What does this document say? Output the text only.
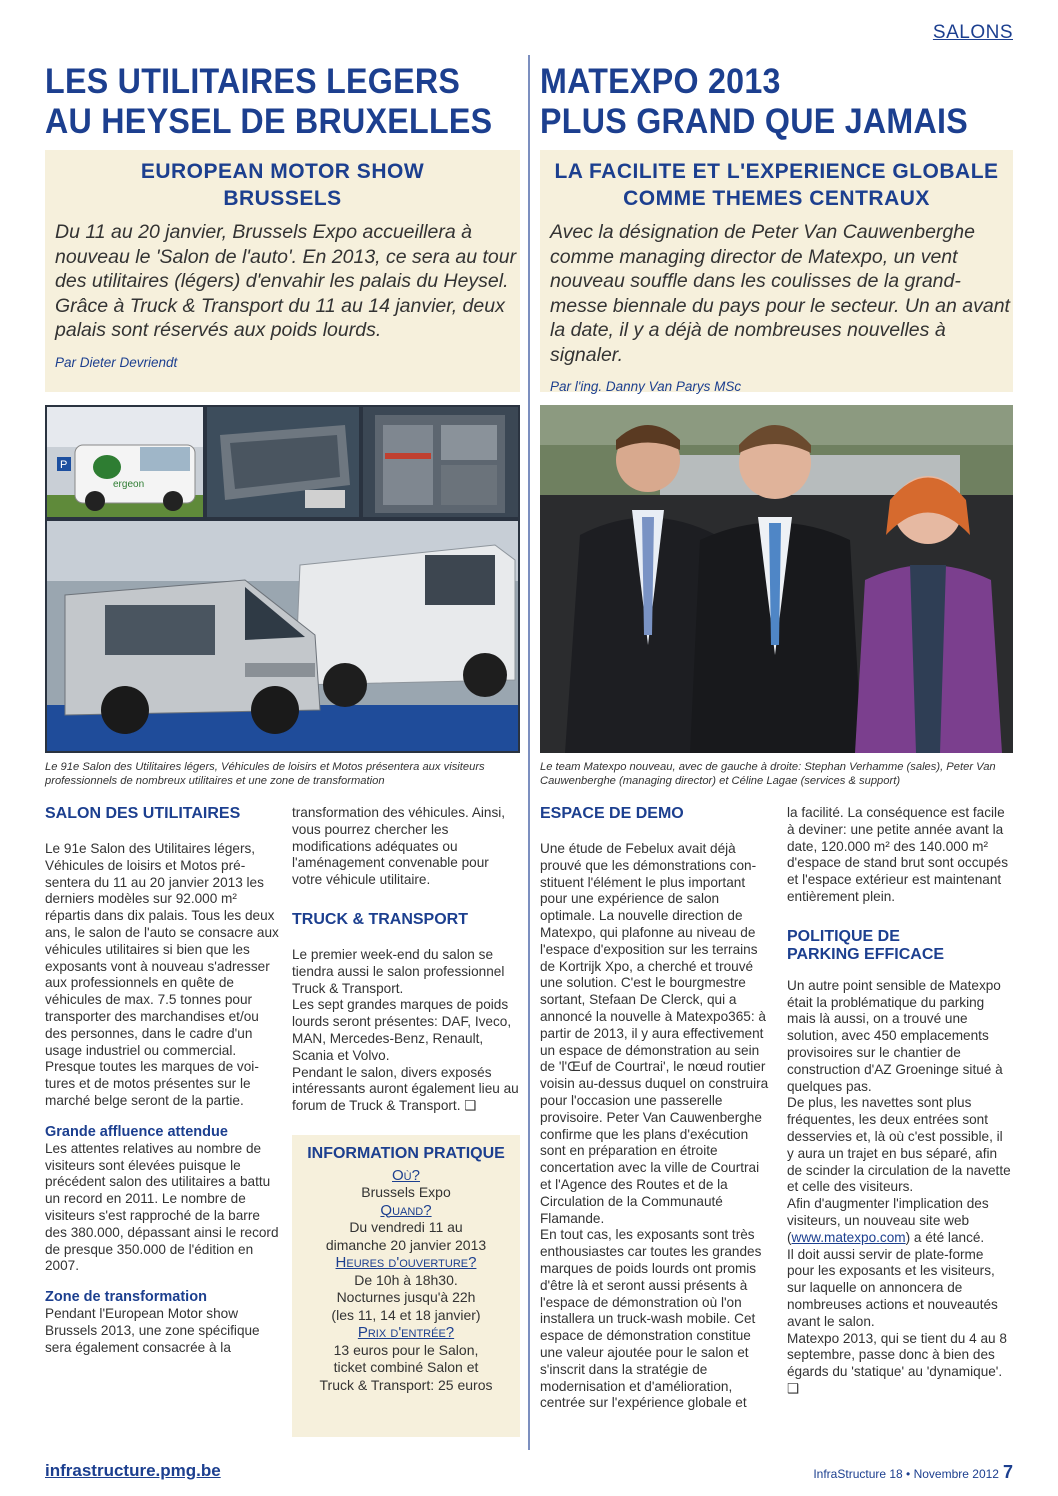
SALONS
LES UTILITAIRES LEGERS
AU HEYSEL DE BRUXELLES
MATEXPO 2013
PLUS GRAND QUE JAMAIS
EUROPEAN MOTOR SHOW
BRUSSELS
Du 11 au 20 janvier, Brussels Expo accueillera à nouveau le 'Salon de l'auto'. En 2013, ce sera au tour des utilitaires (légers) d'envahir les palais du Heysel. Grâce à Truck & Transport du 11 au 14 janvier, deux palais sont réservés aux poids lourds.
Par Dieter Devriendt
LA FACILITE ET L'EXPERIENCE GLOBALE
COMME THEMES CENTRAUX
Avec la désignation de Peter Van Cauwenberghe comme managing director de Matexpo, un vent nouveau souffle dans les coulisses de la grand-messe biennale du pays pour le secteur. Un an avant la date, il y a déjà de nombreuses nouvelles à signaler.
Par l'ing. Danny Van Parys MSc
ergeon
P
Le 91e Salon des Utilitaires légers, Véhicules de loisirs et Motos présentera aux visiteurs professionnels de nombreux utilitaires et une zone de transformation
Le team Matexpo nouveau, avec de gauche à droite: Stephan Verhamme (sales), Peter Van Cauwenberghe (managing director) et Céline Lagae (services & support)
SALON DES UTILITAIRES

Le 91e Salon des Utilitaires légers, Véhicules de loisirs et Motos présentera du 11 au 20 janvier 2013 les derniers modèles sur 92.000 m² répartis dans dix palais. Tous les deux ans, le salon de l'auto se consacre aux véhicules utilitaires si bien que les exposants vont à nouveau s'adresser aux professionnels en quête de véhicules de max. 7.5 tonnes pour transporter des marchandises et/ou des personnes, dans le cadre d'un usage industriel ou commercial. Presque toutes les marques de voitures et de motos présentes sur le marché belge seront de la partie.

Grande affluence attendue

Les attentes relatives au nombre de visiteurs sont élevées puisque le précédent salon des utilitaires a battu un record en 2011. Le nombre de visiteurs s'est rapproché de la barre des 380.000, dépassant ainsi le record de presque 350.000 de l'édition en 2007.

Zone de transformation

Pendant l'European Motor show Brussels 2013, une zone spécifique sera également consacrée à la

transformation des véhicules. Ainsi, vous pourrez chercher les modifications adéquates ou l'aménagement convenable pour votre véhicule utilitaire.

TRUCK & TRANSPORT

Le premier week-end du salon se tiendra aussi le salon professionnel Truck & Transport.

Les sept grandes marques de poids lourds seront présentes: DAF, Iveco, MAN, Mercedes-Benz, Renault, Scania et Volvo.

Pendant le salon, divers exposés intéressants auront également lieu au forum de Truck & Transport. ❑

INFORMATION PRATIQUE
Où?
Brussels Expo
Quand?
Du vendredi 11 au
dimanche 20 janvier 2013
Heures d'ouverture?
De 10h à 18h30.
Nocturnes jusqu'à 22h
(les 11, 14 et 18 janvier)
Prix d'entrée?
13 euros pour le Salon,
ticket combiné Salon et
Truck & Transport: 25 euros
ESPACE DE DEMO

Une étude de Febelux avait déjà prouvé que les démonstrations constituent l'élément le plus important pour une expérience de salon optimale. La nouvelle direction de Matexpo, qui plafonne au niveau de l'espace d'exposition sur les terrains de Kortrijk Xpo, a cherché et trouvé une solution. C'est le bourgmestre sortant, Stefaan De Clerck, qui a annoncé la nouvelle à Matexpo365: à partir de 2013, il y aura effectivement un espace de démonstration au sein de 'l'Œuf de Courtrai', le nœud routier voisin au-dessus duquel on construira pour l'occasion une passerelle provisoire. Peter Van Cauwenberghe confirme que les plans d'exécution sont en préparation en étroite concertation avec la ville de Courtrai et l'Agence des Routes et de la Circulation de la Communauté Flamande.

En tout cas, les exposants sont très enthousiastes car toutes les grandes marques de poids lourds ont promis d'être là et seront aussi présents à l'espace de démonstration où l'on installera un truck-wash mobile. Cet espace de démonstration constitue une valeur ajoutée pour le salon et s'inscrit dans la stratégie de modernisation et d'amélioration, centrée sur l'expérience globale et

la facilité. La conséquence est facile à deviner: une petite année avant la date, 120.000 m² des 140.000 m² d'espace de stand brut sont occupés et l'espace extérieur est maintenant entièrement plein.

POLITIQUE DE
PARKING EFFICACE

Un autre point sensible de Matexpo était la problématique du parking mais là aussi, on a trouvé une solution, avec 450 emplacements provisoires sur le chantier de construction d'AZ Groeninge situé à quelques pas.

De plus, les navettes sont plus fréquentes, les deux entrées sont desservies et, là où c'est possible, il y aura un trajet en bus séparé, afin de scinder la circulation de la navette et celle des visiteurs.

Afin d'augmenter l'implication des visiteurs, un nouveau site web (www.matexpo.com) a été lancé.

Il doit aussi servir de plate-forme pour les exposants et les visiteurs, sur laquelle on annoncera de nombreuses actions et nouveautés avant le salon.

Matexpo 2013, qui se tient du 4 au 8 septembre, passe donc à bien des égards du 'statique' au 'dynamique'. ❑

infrastructure.pmg.be	InfraStructure 18 • Novembre 2012 7
